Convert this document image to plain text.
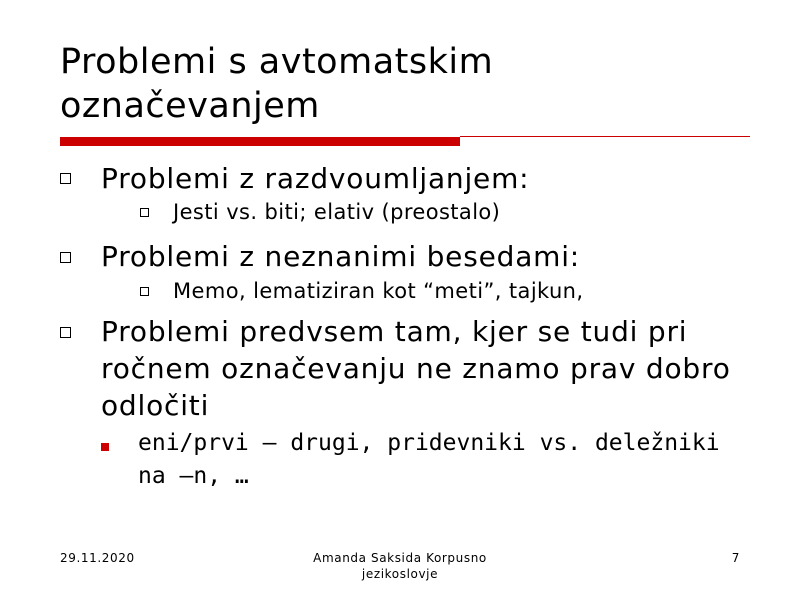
Problemi s avtomatskim označevanjem
Problemi z razdvoumljanjem:
Jesti vs. biti; elativ (preostalo)
Problemi z neznanimi besedami:
Memo, lematiziran kot “meti”, tajkun,
Problemi predvsem tam, kjer se tudi pri ročnem označevanju ne znamo prav dobro odločiti
eni/prvi – drugi, pridevniki vs. deležniki na –n, …
29.11.2020	Amanda Saksida Korpusno jezikoslovje
7
